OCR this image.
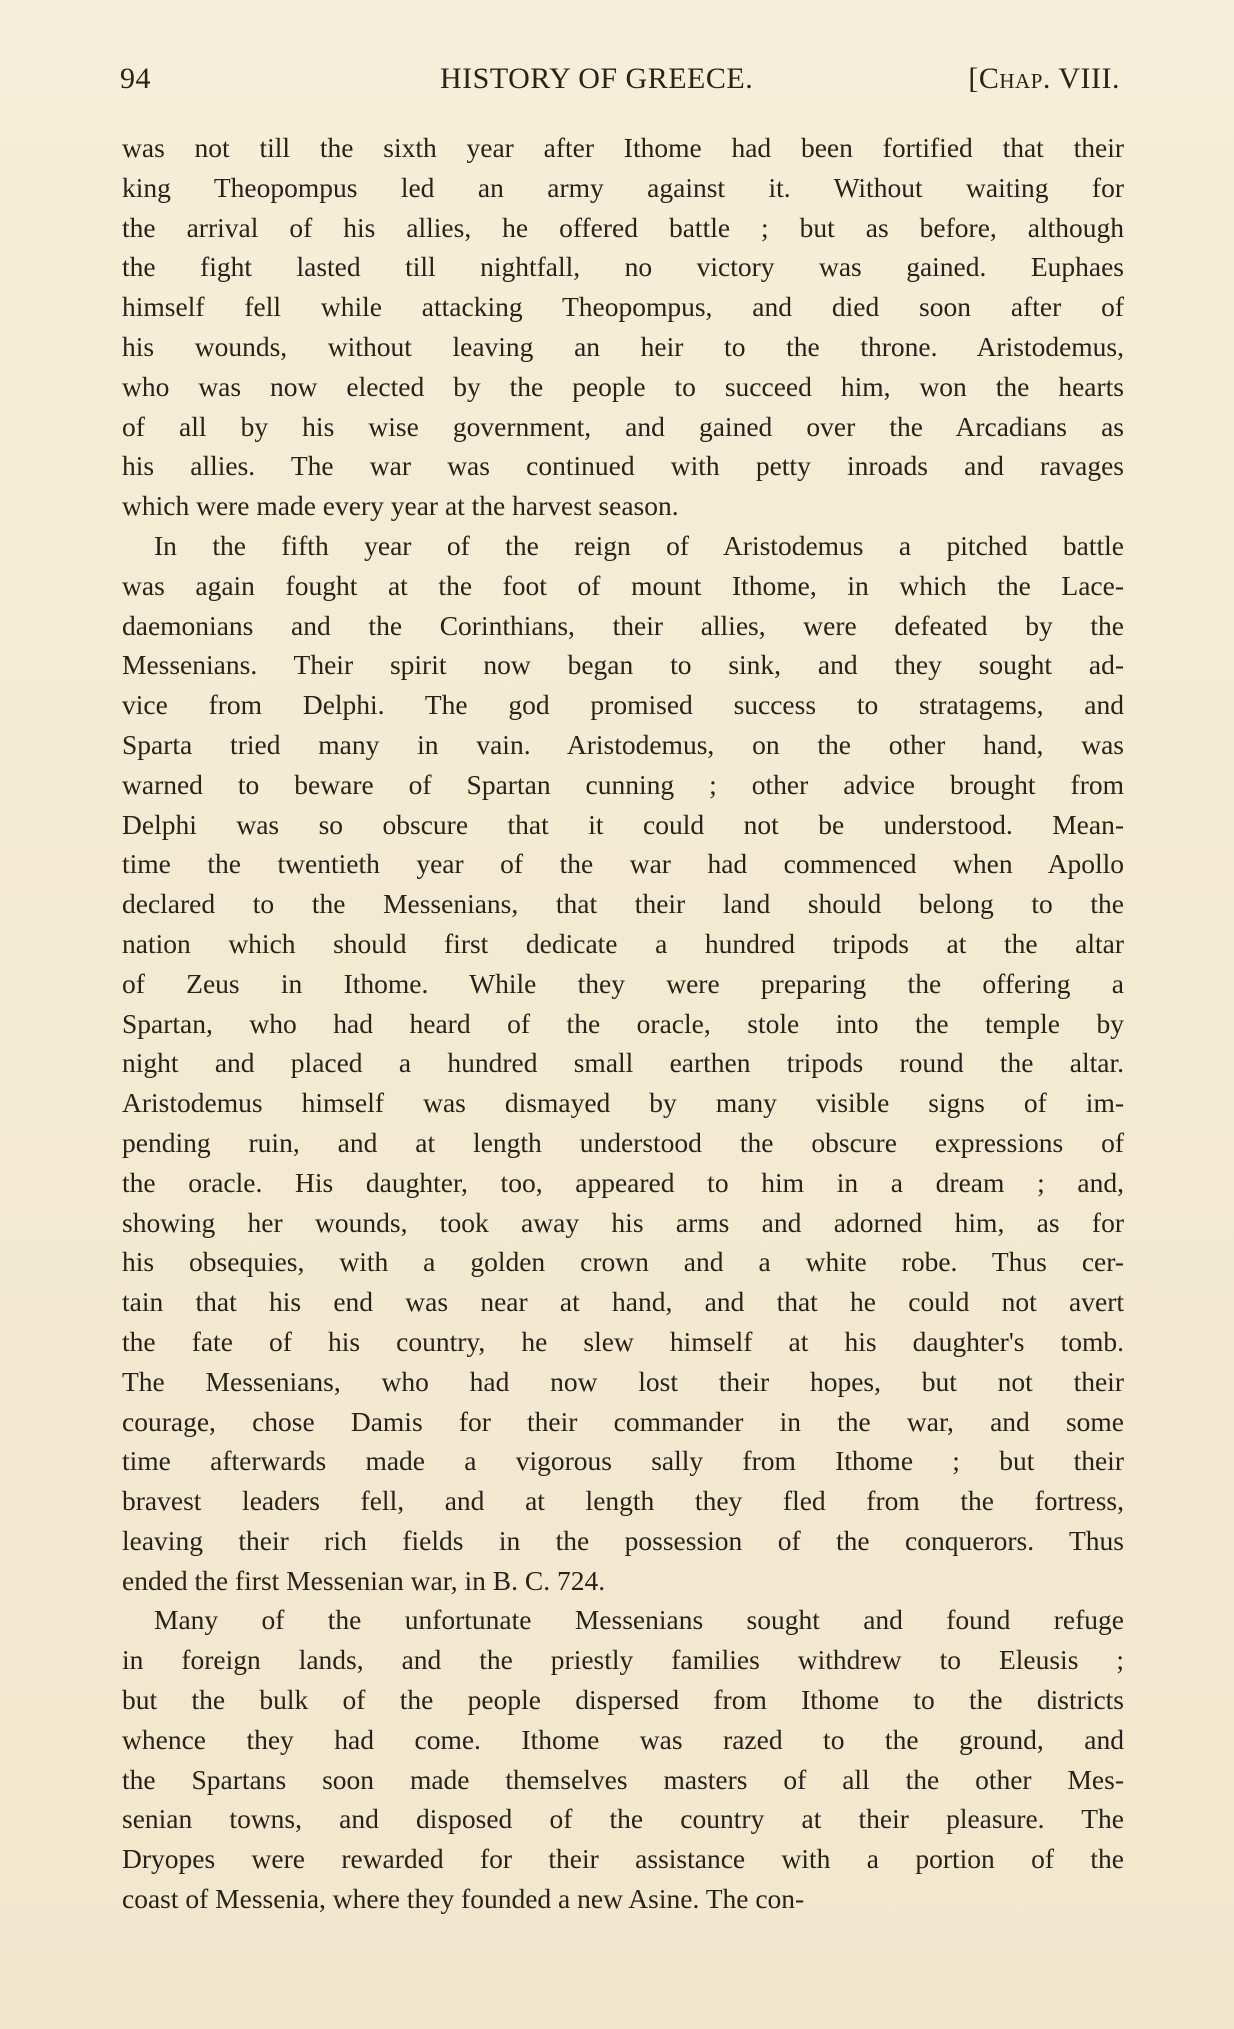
94	HISTORY OF GREECE.	[Chap. VIII.
was not till the sixth year after Ithome had been fortified that their
king Theopompus led an army against it. Without waiting for
the arrival of his allies, he offered battle ; but as before, although
the fight lasted till nightfall, no victory was gained. Euphaes
himself fell while attacking Theopompus, and died soon after of
his wounds, without leaving an heir to the throne. Aristodemus,
who was now elected by the people to succeed him, won the hearts
of all by his wise government, and gained over the Arcadians as
his allies. The war was continued with petty inroads and ravages
which were made every year at the harvest season.
In the fifth year of the reign of Aristodemus a pitched battle
was again fought at the foot of mount Ithome, in which the Lace-
daemonians and the Corinthians, their allies, were defeated by the
Messenians. Their spirit now began to sink, and they sought ad-
vice from Delphi. The god promised success to stratagems, and
Sparta tried many in vain. Aristodemus, on the other hand, was
warned to beware of Spartan cunning ; other advice brought from
Delphi was so obscure that it could not be understood. Mean-
time the twentieth year of the war had commenced when Apollo
declared to the Messenians, that their land should belong to the
nation which should first dedicate a hundred tripods at the altar
of Zeus in Ithome. While they were preparing the offering a
Spartan, who had heard of the oracle, stole into the temple by
night and placed a hundred small earthen tripods round the altar.
Aristodemus himself was dismayed by many visible signs of im-
pending ruin, and at length understood the obscure expressions of
the oracle. His daughter, too, appeared to him in a dream ; and,
showing her wounds, took away his arms and adorned him, as for
his obsequies, with a golden crown and a white robe. Thus cer-
tain that his end was near at hand, and that he could not avert
the fate of his country, he slew himself at his daughter's tomb.
The Messenians, who had now lost their hopes, but not their
courage, chose Damis for their commander in the war, and some
time afterwards made a vigorous sally from Ithome ; but their
bravest leaders fell, and at length they fled from the fortress,
leaving their rich fields in the possession of the conquerors. Thus
ended the first Messenian war, in B. C. 724.
Many of the unfortunate Messenians sought and found refuge
in foreign lands, and the priestly families withdrew to Eleusis ;
but the bulk of the people dispersed from Ithome to the districts
whence they had come. Ithome was razed to the ground, and
the Spartans soon made themselves masters of all the other Mes-
senian towns, and disposed of the country at their pleasure. The
Dryopes were rewarded for their assistance with a portion of the
coast of Messenia, where they founded a new Asine. The con-
